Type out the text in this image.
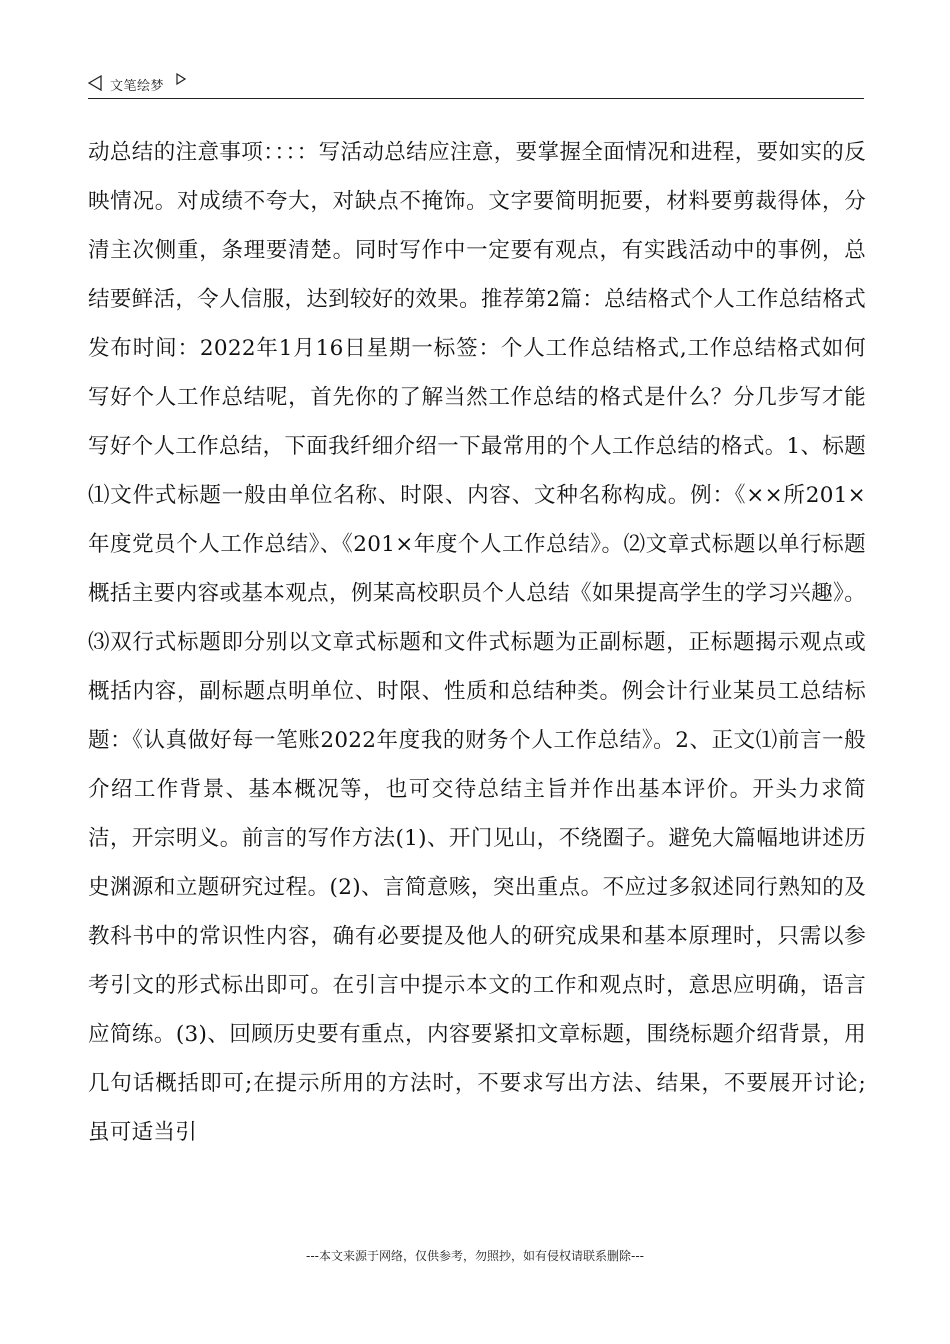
文笔绘梦

动总结的注意事项：：：：写活动总结应注意，要掌握全面情况和进程，要如实的反映情况。对成绩不夸大，对缺点不掩饰。文字要简明扼要，材料要剪裁得体，分清主次侧重，条理要清楚。同时写作中一定要有观点，有实践活动中的事例，总结要鲜活，令人信服，达到较好的效果。推荐第2篇：总结格式个人工作总结格式发布时间：2022年1月16日星期一标签：个人工作总结格式,工作总结格式如何写好个人工作总结呢，首先你的了解当然工作总结的格式是什么？分几步写才能写好个人工作总结，下面我纤细介绍一下最常用的个人工作总结的格式。1、标题⑴文件式标题一般由单位名称、时限、内容、文种名称构成。例：《××所201×年度党员个人工作总结》、《201×年度个人工作总结》。⑵文章式标题以单行标题概括主要内容或基本观点，例某高校职员个人总结《如果提高学生的学习兴趣》。⑶双行式标题即分别以文章式标题和文件式标题为正副标题，正标题揭示观点或概括内容，副标题点明单位、时限、性质和总结种类。例会计行业某员工总结标题：《认真做好每一笔账2022年度我的财务个人工作总结》。2、正文⑴前言一般介绍工作背景、基本概况等，也可交待总结主旨并作出基本评价。开头力求简洁，开宗明义。前言的写作方法(1)、开门见山，不绕圈子。避免大篇幅地讲述历史渊源和立题研究过程。(2)、言简意赅，突出重点。不应过多叙述同行熟知的及教科书中的常识性内容，确有必要提及他人的研究成果和基本原理时，只需以参考引文的形式标出即可。在引言中提示本文的工作和观点时，意思应明确，语言应简练。(3)、回顾历史要有重点，内容要紧扣文章标题，围绕标题介绍背景，用几句话概括即可;在提示所用的方法时，不要求写出方法、结果，不要展开讨论;虽可适当引

---本文来源于网络，仅供参考，勿照抄，如有侵权请联系删除---
